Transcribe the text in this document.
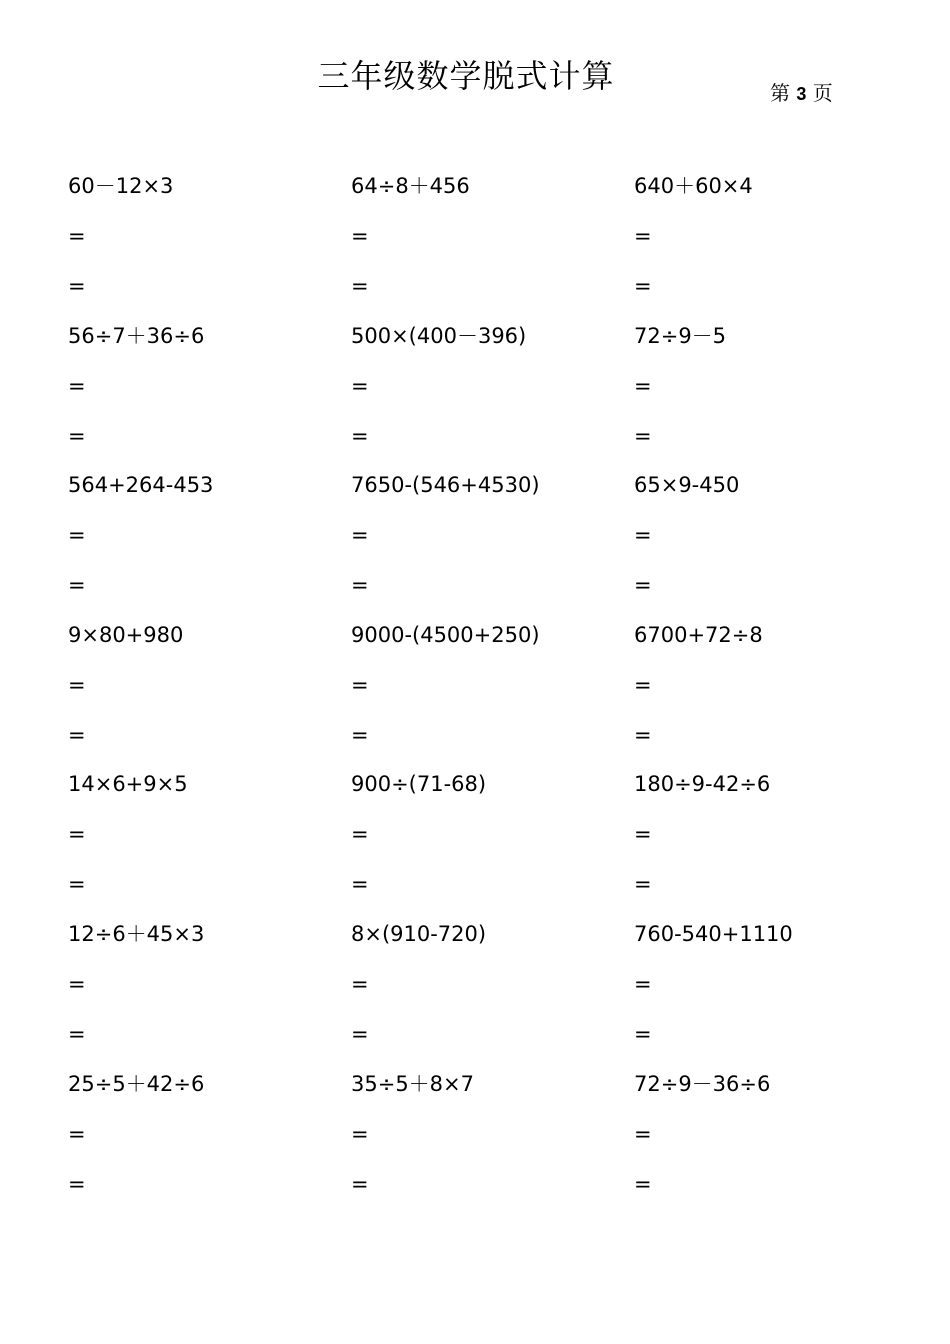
三年级数学脱式计算	第 3 页
60－12×3
=
=
64÷8＋456
=
=
640＋60×4
=
=
56÷7＋36÷6
=
=
500×(400－396)
=
=
72÷9－5
=
=
564+264-453
=
=
7650-(546+4530)
=
=
65×9-450
=
=
9×80+980
=
=
9000-(4500+250)
=
=
6700+72÷8
=
=
14×6+9×5
=
=
900÷(71-68)
=
=
180÷9-42÷6
=
=
12÷6＋45×3
=
=
8×(910-720)
=
=
760-540+1110
=
=
25÷5＋42÷6
=
=
35÷5＋8×7
=
=
72÷9－36÷6
=
=
